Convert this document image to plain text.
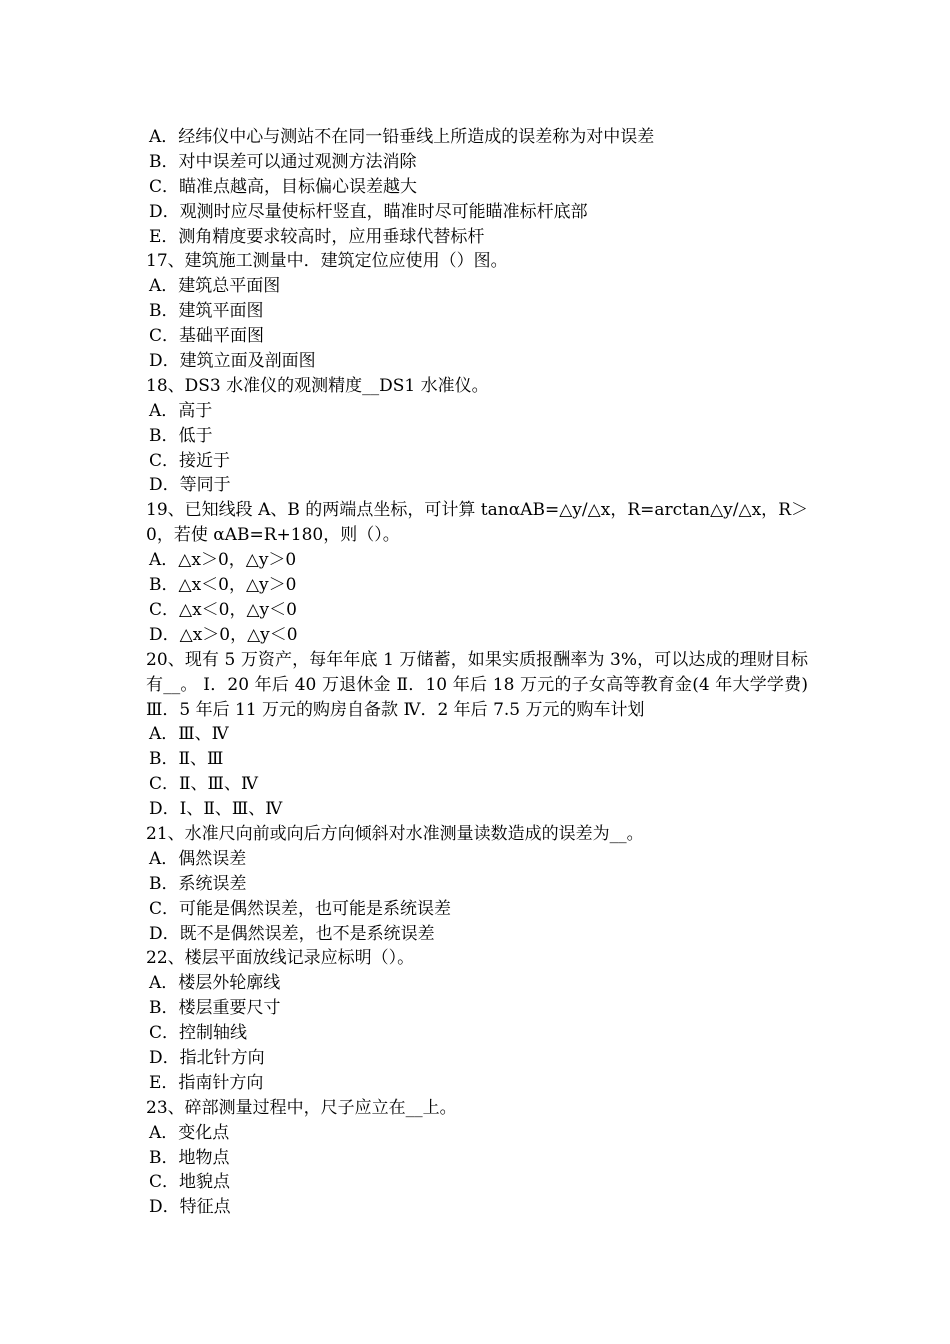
A．经纬仪中心与测站不在同一铅垂线上所造成的误差称为对中误差
B．对中误差可以通过观测方法消除
C．瞄准点越高，目标偏心误差越大
D．观测时应尽量使标杆竖直，瞄准时尽可能瞄准标杆底部
E．测角精度要求较高时，应用垂球代替标杆
17、建筑施工测量中．建筑定位应使用（）图。
A．建筑总平面图
B．建筑平面图
C．基础平面图
D．建筑立面及剖面图
18、DS3 水准仪的观测精度__DS1 水准仪。
A．高于
B．低于
C．接近于
D．等同于
19、已知线段 A、B 的两端点坐标，可计算 tanαAB=△y/△x，R=arctan△y/△x，R＞0，若使 αAB=R+180，则（）。
A．△x＞0，△y＞0
B．△x＜0，△y＞0
C．△x＜0，△y＜0
D．△x＞0，△y＜0
20、现有 5 万资产，每年年底 1 万储蓄，如果实质报酬率为 3%，可以达成的理财目标有__。 Ⅰ．20 年后 40 万退休金 Ⅱ．10 年后 18 万元的子女高等教育金(4 年大学学费) Ⅲ．5 年后 11 万元的购房自备款 Ⅳ．2 年后 7.5 万元的购车计划
A．Ⅲ、Ⅳ
B．Ⅱ、Ⅲ
C．Ⅱ、Ⅲ、Ⅳ
D．Ⅰ、Ⅱ、Ⅲ、Ⅳ
21、水准尺向前或向后方向倾斜对水准测量读数造成的误差为__。
A．偶然误差
B．系统误差
C．可能是偶然误差，也可能是系统误差
D．既不是偶然误差，也不是系统误差
22、楼层平面放线记录应标明（）。
A．楼层外轮廓线
B．楼层重要尺寸
C．控制轴线
D．指北针方向
E．指南针方向
23、碎部测量过程中，尺子应立在__上。
A．变化点
B．地物点
C．地貌点
D．特征点
